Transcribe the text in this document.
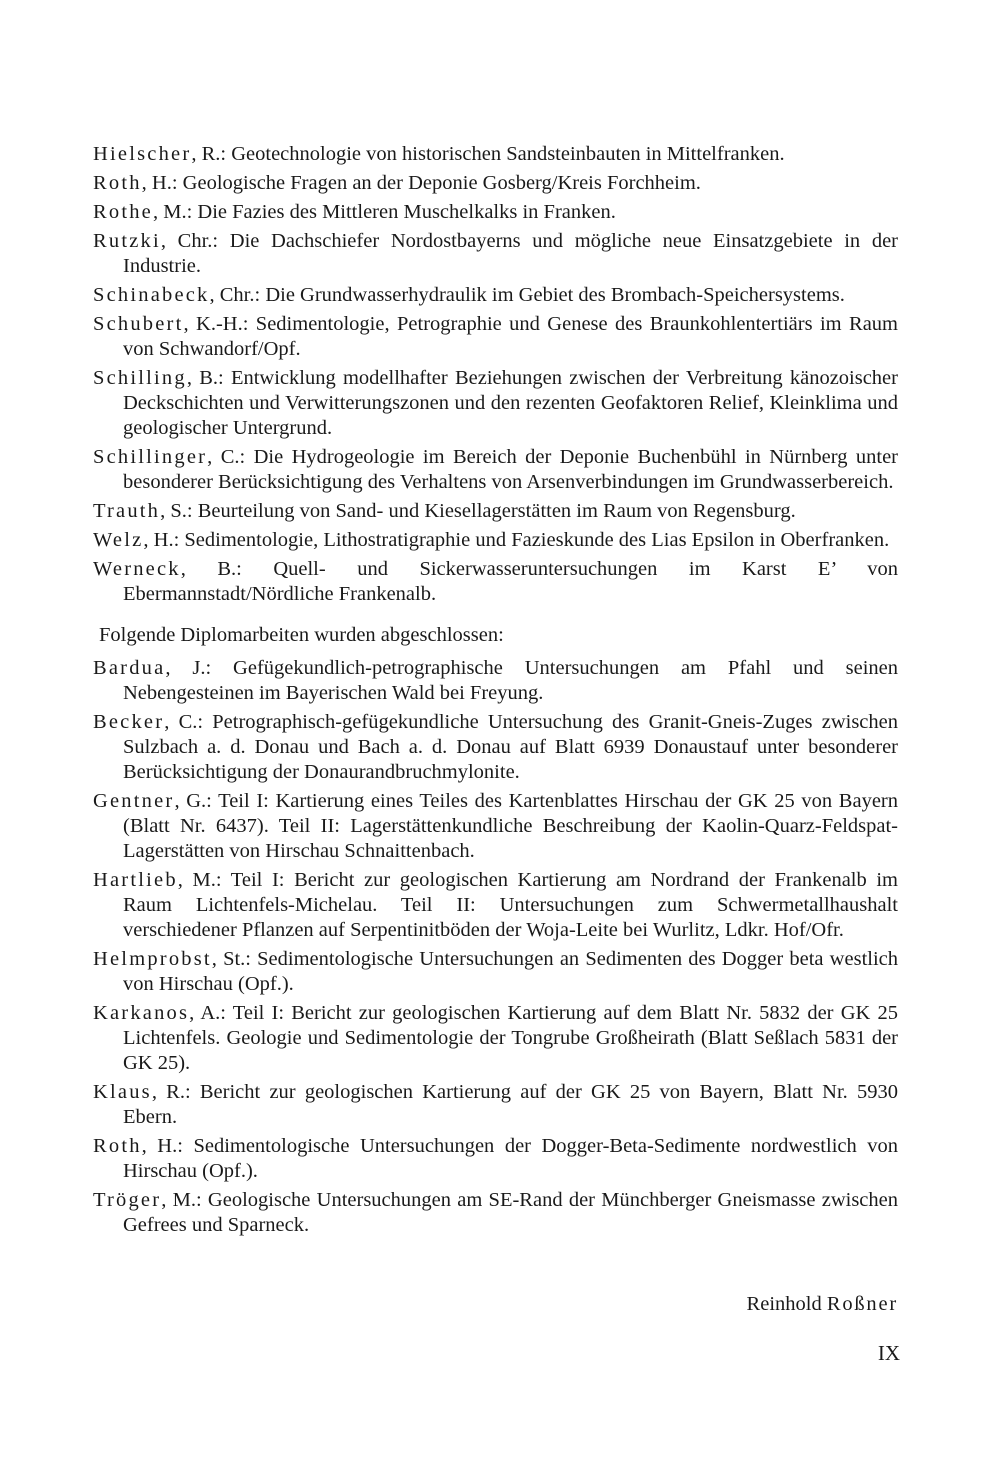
Hielscher, R.: Geotechnologie von historischen Sandsteinbauten in Mittelfranken.

Roth, H.: Geologische Fragen an der Deponie Gosberg/Kreis Forchheim.

Rothe, M.: Die Fazies des Mittleren Muschelkalks in Franken.

Rutzki, Chr.: Die Dachschiefer Nordostbayerns und mögliche neue Einsatzgebiete in der Industrie.

Schinabeck, Chr.: Die Grundwasserhydraulik im Gebiet des Brombach-Speichersystems.

Schubert, K.-H.: Sedimentologie, Petrographie und Genese des Braunkohlentertiärs im Raum von Schwandorf/Opf.

Schilling, B.: Entwicklung modellhafter Beziehungen zwischen der Verbreitung känozoischer Deckschichten und Verwitterungszonen und den rezenten Geofaktoren Relief, Kleinklima und geologischer Untergrund.

Schillinger, C.: Die Hydrogeologie im Bereich der Deponie Buchenbühl in Nürnberg unter besonderer Berücksichtigung des Verhaltens von Arsenverbindungen im Grundwasserbereich.

Trauth, S.: Beurteilung von Sand- und Kiesellagerstätten im Raum von Regensburg.

Welz, H.: Sedimentologie, Lithostratigraphie und Fazieskunde des Lias Epsilon in Oberfranken.

Werneck, B.: Quell- und Sickerwasseruntersuchungen im Karst E’ von Ebermannstadt/Nördliche Frankenalb.

Folgende Diplomarbeiten wurden abgeschlossen:

Bardua, J.: Gefügekundlich-petrographische Untersuchungen am Pfahl und seinen Nebengesteinen im Bayerischen Wald bei Freyung.

Becker, C.: Petrographisch-gefügekundliche Untersuchung des Granit-Gneis-Zuges zwischen Sulzbach a. d. Donau und Bach a. d. Donau auf Blatt 6939 Donaustauf unter besonderer Berücksichtigung der Donaurandbruchmylonite.

Gentner, G.: Teil I: Kartierung eines Teiles des Kartenblattes Hirschau der GK 25 von Bayern (Blatt Nr. 6437). Teil II: Lagerstättenkundliche Beschreibung der Kaolin-Quarz-Feldspat-Lagerstätten von Hirschau Schnaittenbach.

Hartlieb, M.: Teil I: Bericht zur geologischen Kartierung am Nordrand der Frankenalb im Raum Lichtenfels-Michelau. Teil II: Untersuchungen zum Schwermetallhaushalt verschiedener Pflanzen auf Serpentinitböden der Woja-Leite bei Wurlitz, Ldkr. Hof/Ofr.

Helmprobst, St.: Sedimentologische Untersuchungen an Sedimenten des Dogger beta westlich von Hirschau (Opf.).

Karkanos, A.: Teil I: Bericht zur geologischen Kartierung auf dem Blatt Nr. 5832 der GK 25 Lichtenfels. Geologie und Sedimentologie der Tongrube Großheirath (Blatt Seßlach 5831 der GK 25).

Klaus, R.: Bericht zur geologischen Kartierung auf der GK 25 von Bayern, Blatt Nr. 5930 Ebern.

Roth, H.: Sedimentologische Untersuchungen der Dogger-Beta-Sedimente nordwestlich von Hirschau (Opf.).

Tröger, M.: Geologische Untersuchungen am SE-Rand der Münchberger Gneismasse zwischen Gefrees und Sparneck.

Reinhold Roßner
IX
